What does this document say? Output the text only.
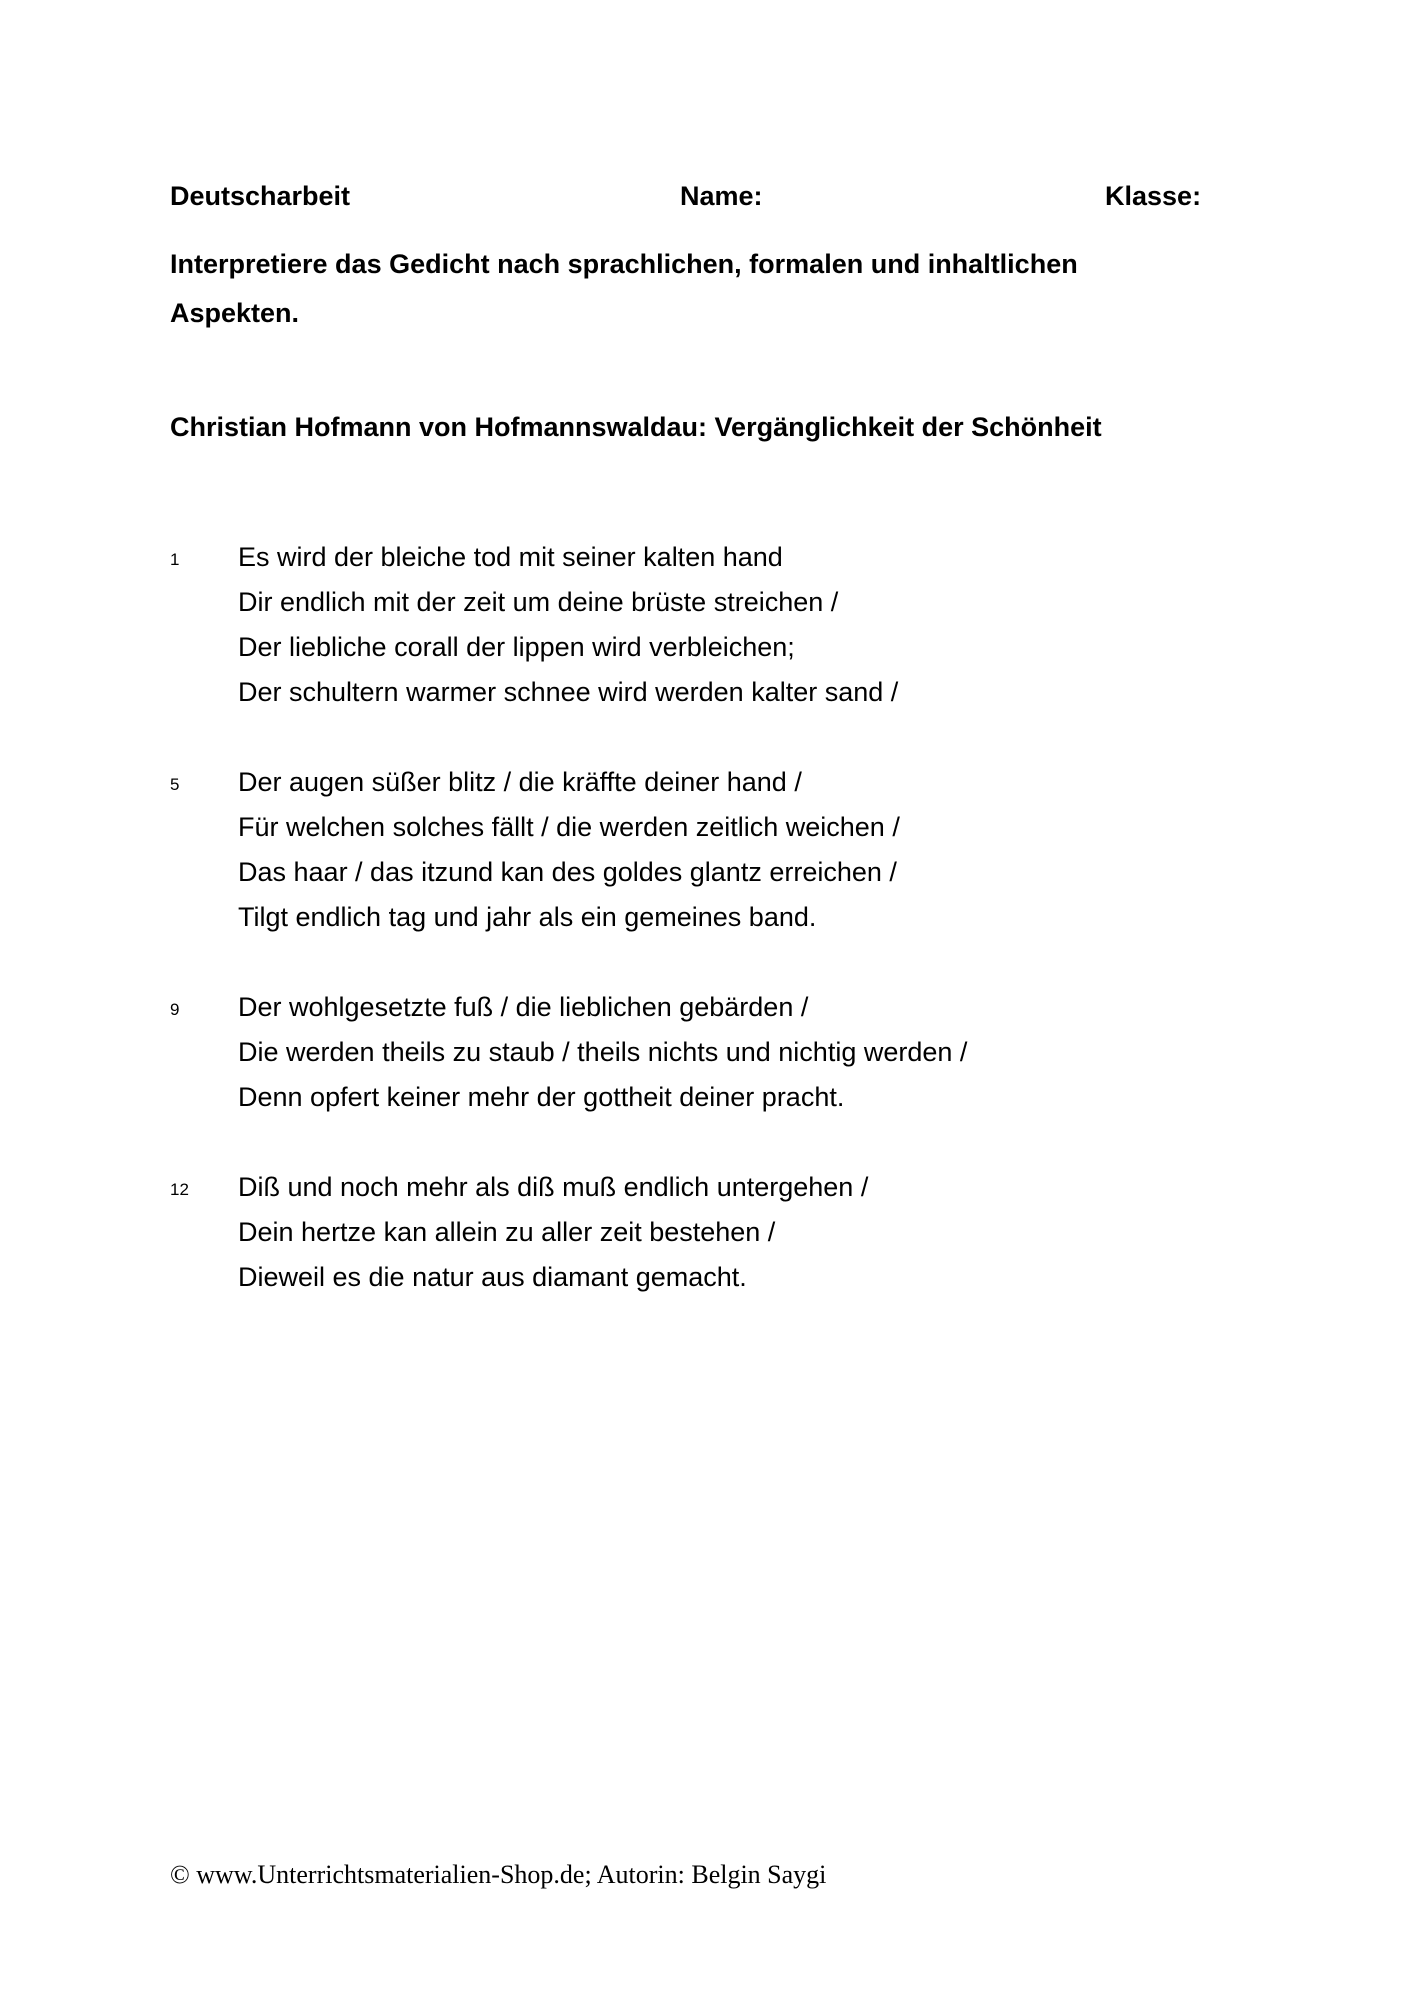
Deutscharbeit	Name:	Klasse:
Interpretiere das Gedicht nach sprachlichen, formalen und inhaltlichen Aspekten.
Christian Hofmann von Hofmannswaldau: Vergänglichkeit der Schönheit
1 Es wird der bleiche tod mit seiner kalten hand
Dir endlich mit der zeit um deine brüste streichen /
Der liebliche corall der lippen wird verbleichen;
Der schultern warmer schnee wird werden kalter sand /
5 Der augen süßer blitz / die kräffte deiner hand /
Für welchen solches fällt / die werden zeitlich weichen /
Das haar / das itzund kan des goldes glantz erreichen /
Tilgt endlich tag und jahr als ein gemeines band.
9 Der wohlgesetzte fuß / die lieblichen gebärden /
Die werden theils zu staub / theils nichts und nichtig werden /
Denn opfert keiner mehr der gottheit deiner pracht.
12 Diß und noch mehr als diß muß endlich untergehen /
Dein hertze kan allein zu aller zeit bestehen /
Dieweil es die natur aus diamant gemacht.
© www.Unterrichtsmaterialien-Shop.de; Autorin: Belgin Saygi
